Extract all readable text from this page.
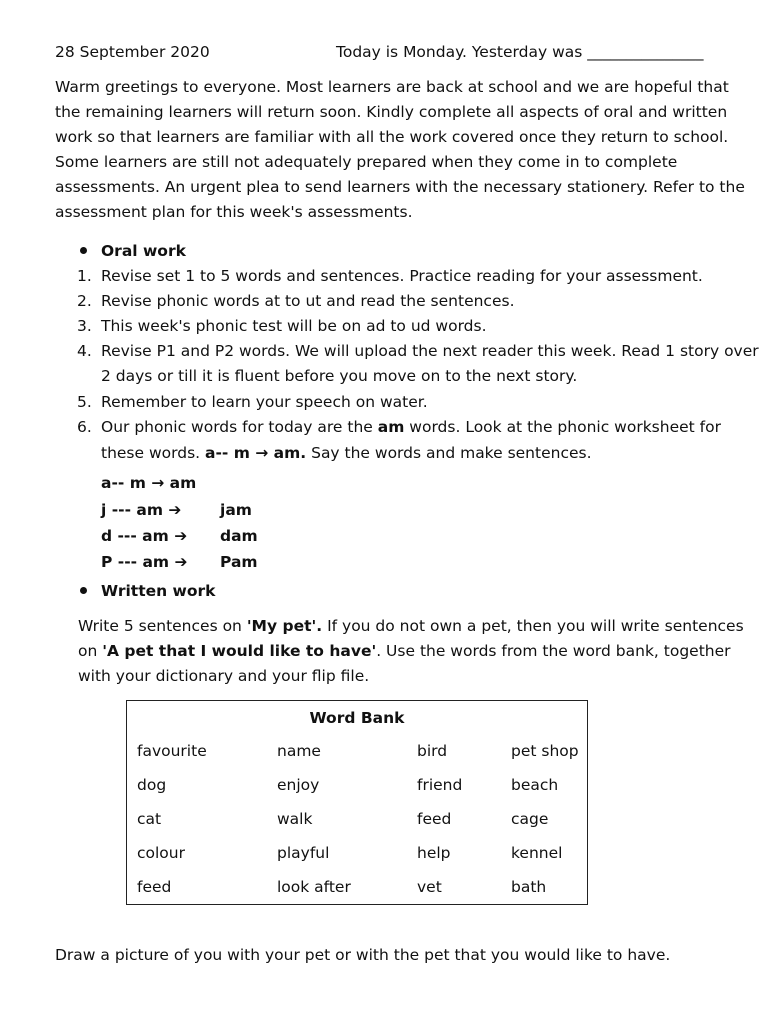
28 September 2020	Today is Monday. Yesterday was _______________
Warm greetings to everyone. Most learners are back at school and we are hopeful that
the remaining learners will return soon. Kindly complete all aspects of oral and written
work so that learners are familiar with all the work covered once they return to school.
Some learners are still not adequately prepared when they come in to complete
assessments. An urgent plea to send learners with the necessary stationery. Refer to the
assessment plan for this week's assessments.
Oral work
1. Revise set 1 to 5 words and sentences. Practice reading for your assessment.
2. Revise phonic words at to ut and read the sentences.
3. This week's phonic test will be on ad to ud words.
4. Revise P1 and P2 words. We will upload the next reader this week. Read 1 story over
2 days or till it is fluent before you move on to the next story.
5. Remember to learn your speech on water.
6. Our phonic words for today are the am words. Look at the phonic worksheet for
these words. a-- m → am. Say the words and make sentences.
a-- m → am
j --- am ➔ jam
d --- am ➔ dam
P --- am ➔ Pam
Written work
Write 5 sentences on 'My pet'. If you do not own a pet, then you will write sentences
on 'A pet that I would like to have'. Use the words from the word bank, together
with your dictionary and your flip file.
Word Bank			
favourite	name	bird	pet shop
dog	enjoy	friend	beach
cat	walk	feed	cage
colour	playful	help	kennel
feed	look after	vet	bath
Draw a picture of you with your pet or with the pet that you would like to have.
